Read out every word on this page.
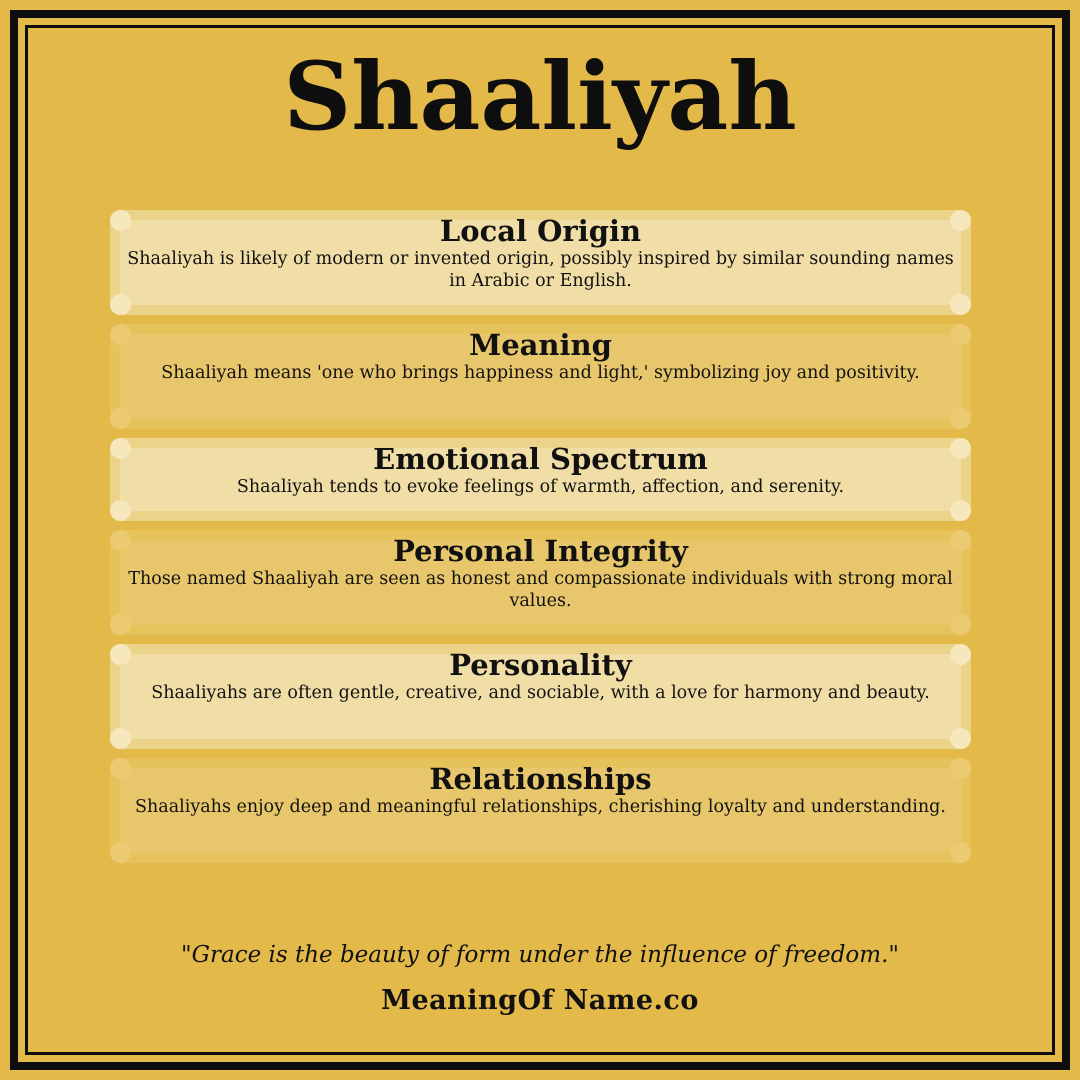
Shaaliyah
Local Origin

Shaaliyah is likely of modern or invented origin, possibly inspired by similar sounding names in Arabic or English.

Meaning

Shaaliyah means 'one who brings happiness and light,' symbolizing joy and positivity.

Emotional Spectrum

Shaaliyah tends to evoke feelings of warmth, affection, and serenity.

Personal Integrity

Those named Shaaliyah are seen as honest and compassionate individuals with strong moral values.

Personality

Shaaliyahs are often gentle, creative, and sociable, with a love for harmony and beauty.

Relationships

Shaaliyahs enjoy deep and meaningful relationships, cherishing loyalty and understanding.

"Grace is the beauty of form under the influence of freedom."

MeaningOf Name.co
